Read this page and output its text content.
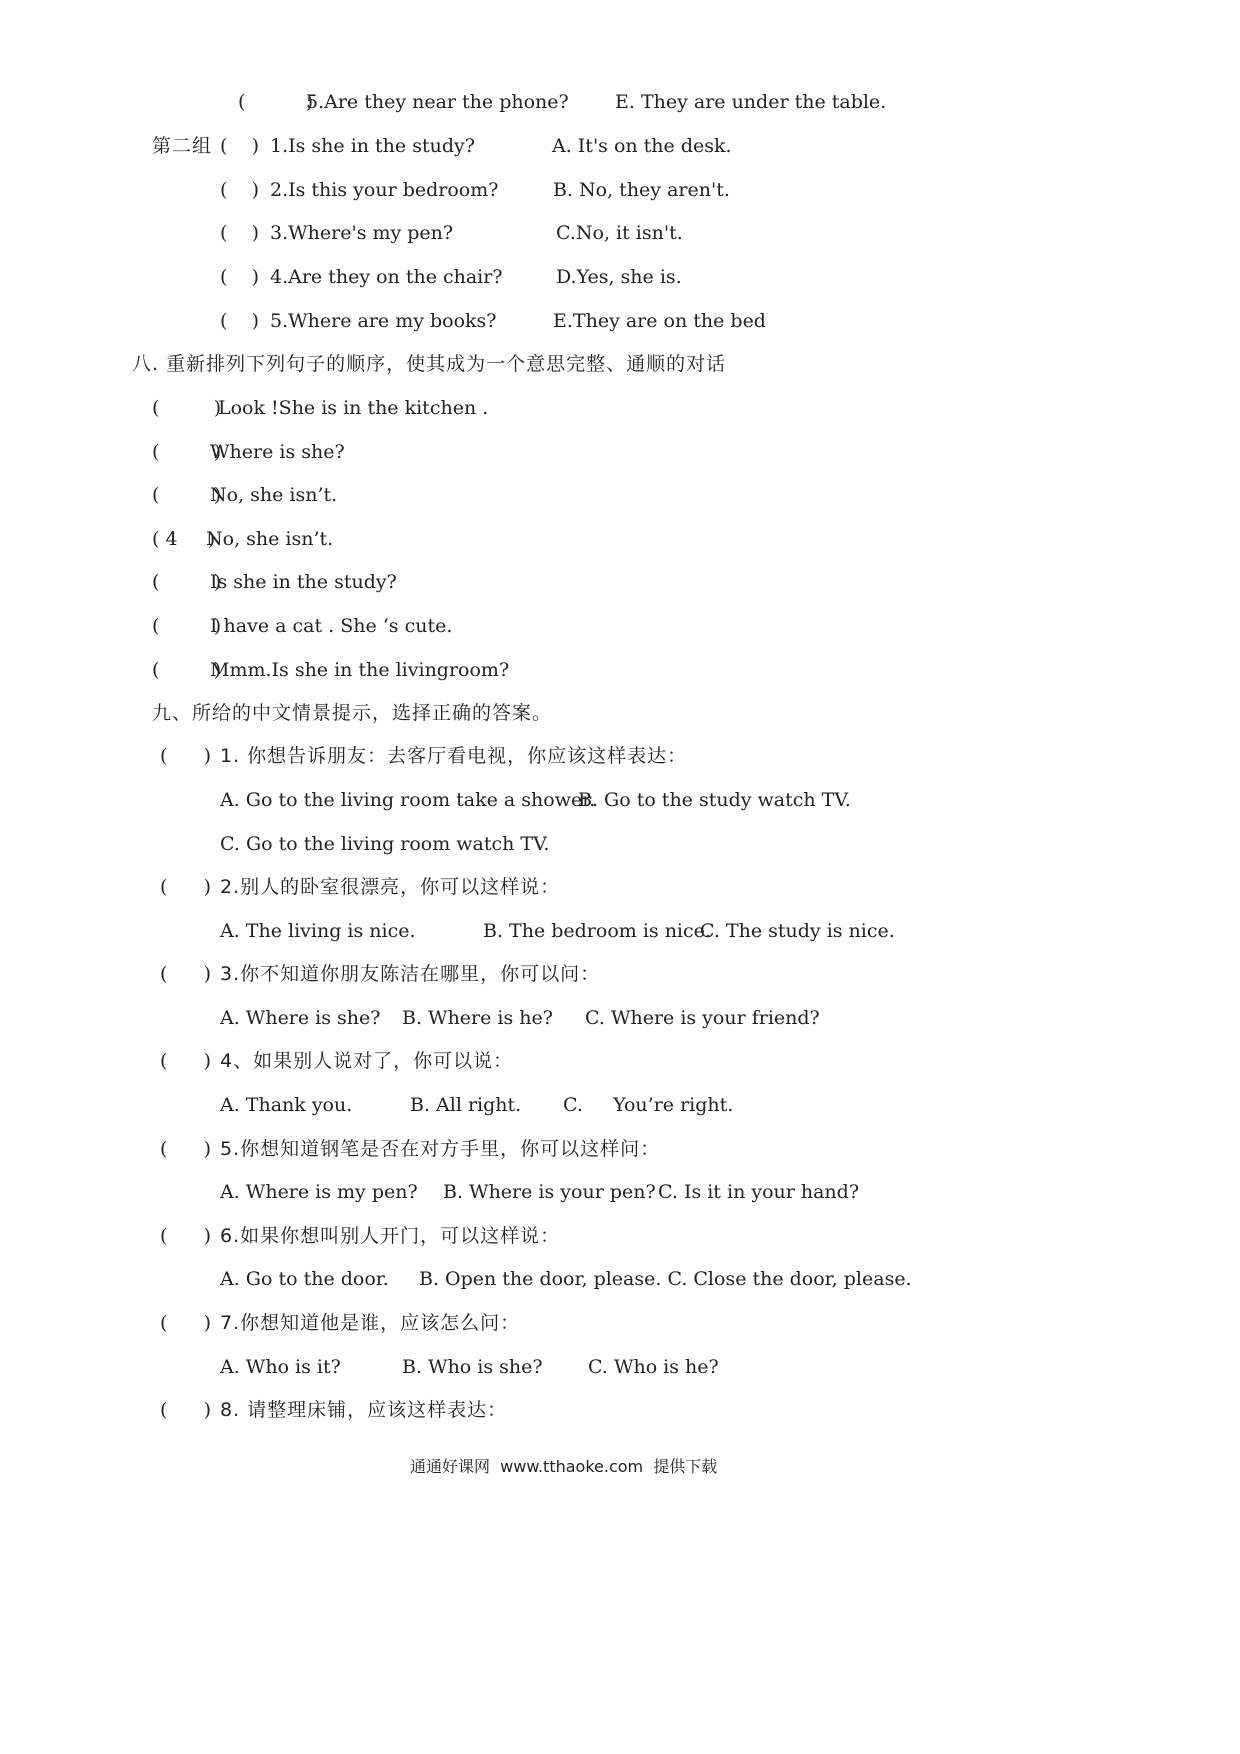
(          )
5.Are they near the phone? E. They are under the table.
第二组 (    ) 1.Is she in the study?	A. It's on the desk.
(    ) 2.Is this your bedroom?	B. No, they aren't.
(    ) 3.Where's my pen?	C.No, it isn't.
(    ) 4.Are they on the chair?	D.Yes, she is.
(    ) 5.Where are my books?	E.They are on the bed
八. 重新排列下列句子的顺序，使其成为一个意思完整、通顺的对话
(         )
Look !She is in the kitchen .
(         )
Where is she?
(         )
No, she isn’t.
( 4     )
No, she isn’t.
(         )
Is she in the study?
(         )
I have a cat . She ‘s cute.
(         )
Mmm.Is she in the livingroom?
九、所给的中文情景提示，选择正确的答案。
(      ) 1. 你想告诉朋友：去客厅看电视，你应该这样表达：
A. Go to the living room take a shower.
B. Go to the study watch TV.
C. Go to the living room watch TV.
(      ) 2.别人的卧室很漂亮，你可以这样说：
A. The living is nice.	B. The bedroom is nice.
C. The study is nice.
(      ) 3.你不知道你朋友陈洁在哪里，你可以问：
A. Where is she? B. Where is he? C. Where is your friend?
(      ) 4、如果别人说对了，你可以说：
A. Thank you.	B. All right. C.     You’re right.
(      ) 5.你想知道钢笔是否在对方手里，你可以这样问：
A. Where is my pen? B. Where is your pen? C. Is it in your hand?
(      ) 6.如果你想叫别人开门，可以这样说：
A. Go to the door. B. Open the door, please. C. Close the door, please.
(      ) 7.你想知道他是谁，应该怎么问：
A. Who is it?	B. Who is she? C. Who is he?
(      ) 8. 请整理床铺，应该这样表达：
通通好课网  www.tthaoke.com  提供下载
